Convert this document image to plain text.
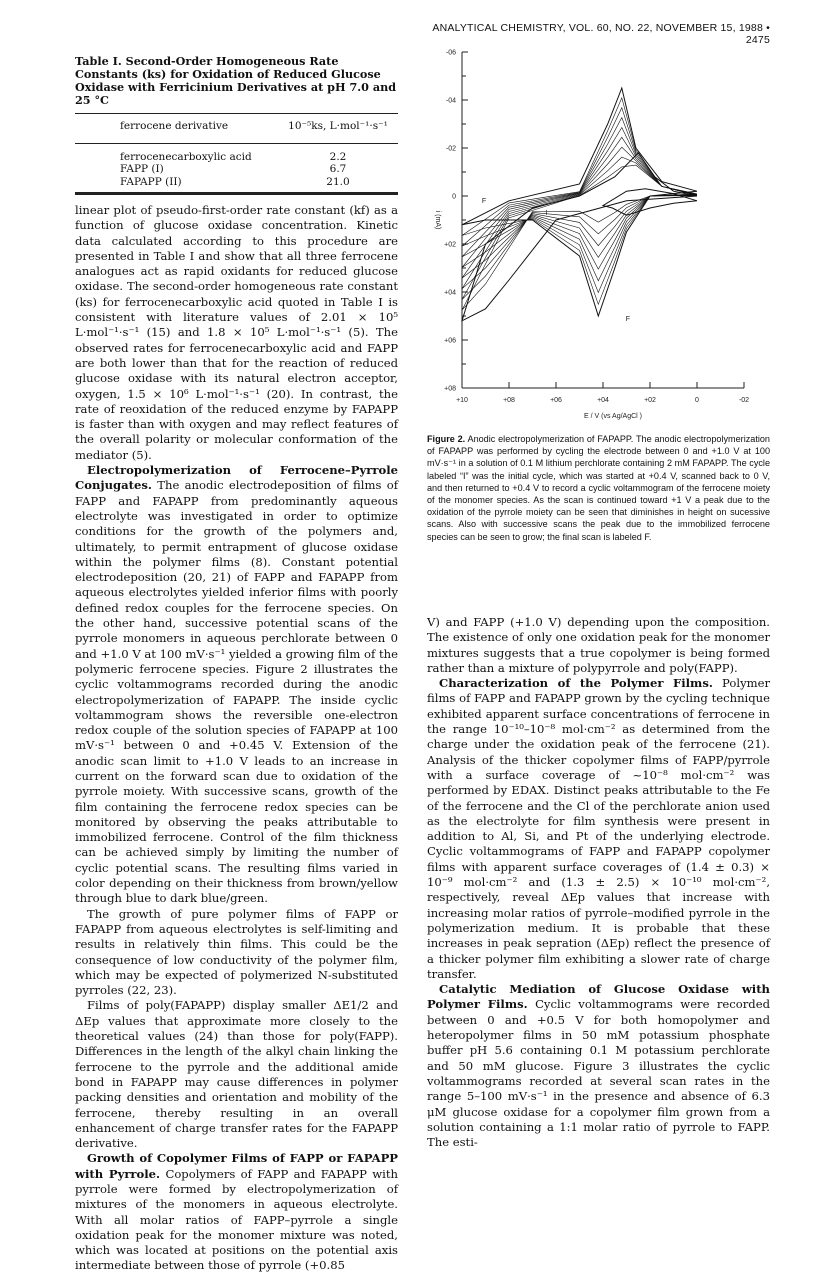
ANALYTICAL CHEMISTRY, VOL. 60, NO. 22, NOVEMBER 15, 1988 • 2475
Table I. Second-Order Homogeneous Rate Constants (ks) for Oxidation of Reduced Glucose Oxidase with Ferricinium Derivatives at pH 7.0 and 25 °C
ferrocene derivative	10⁻⁵ks, L·mol⁻¹·s⁻¹
ferrocenecarboxylic acid	2.2
FAPP (I)	6.7
FAPAPP (II)	21.0

linear plot of pseudo-first-order rate constant (kf) as a function of glucose oxidase concentration. Kinetic data calculated according to this procedure are presented in Table I and show that all three ferrocene analogues act as rapid oxidants for reduced glucose oxidase. The second-order homogeneous rate constant (ks) for ferrocenecarboxylic acid quoted in Table I is consistent with literature values of 2.01 × 10⁵ L·mol⁻¹·s⁻¹ (15) and 1.8 × 10⁵ L·mol⁻¹·s⁻¹ (5). The observed rates for ferrocenecarboxylic acid and FAPP are both lower than that for the reaction of reduced glucose oxidase with its natural electron acceptor, oxygen, 1.5 × 10⁶ L·mol⁻¹·s⁻¹ (20). In contrast, the rate of reoxidation of the reduced enzyme by FAPAPP is faster than with oxygen and may reflect features of the overall polarity or molecular conformation of the mediator (5).

Electropolymerization of Ferrocene–Pyrrole Conjugates. The anodic electrodeposition of films of FAPP and FAPAPP from predominantly aqueous electrolyte was investigated in order to optimize conditions for the growth of the polymers and, ultimately, to permit entrapment of glucose oxidase within the polymer films (8). Constant potential electrodeposition (20, 21) of FAPP and FAPAPP from aqueous electrolytes yielded inferior films with poorly defined redox couples for the ferrocene species. On the other hand, successive potential scans of the pyrrole monomers in aqueous perchlorate between 0 and +1.0 V at 100 mV·s⁻¹ yielded a growing film of the polymeric ferrocene species. Figure 2 illustrates the cyclic voltammograms recorded during the anodic electropolymerization of FAPAPP. The inside cyclic voltammogram shows the reversible one-electron redox couple of the solution species of FAPAPP at 100 mV·s⁻¹ between 0 and +0.45 V. Extension of the anodic scan limit to +1.0 V leads to an increase in current on the forward scan due to oxidation of the pyrrole moiety. With successive scans, growth of the film containing the ferrocene redox species can be monitored by observing the peaks attributable to immobilized ferrocene. Control of the film thickness can be achieved simply by limiting the number of cyclic potential scans. The resulting films varied in color depending on their thickness from brown/yellow through blue to dark blue/green.

The growth of pure polymer films of FAPP or FAPAPP from aqueous electrolytes is self-limiting and results in relatively thin films. This could be the consequence of low conductivity of the polymer film, which may be expected of polymerized N-substituted pyrroles (22, 23).

Films of poly(FAPAPP) display smaller ΔE1/2 and ΔEp values that approximate more closely to the theoretical values (24) than those for poly(FAPP). Differences in the length of the alkyl chain linking the ferrocene to the pyrrole and the additional amide bond in FAPAPP may cause differences in polymer packing densities and orientation and mobility of the ferrocene, thereby resulting in an overall enhancement of charge transfer rates for the FAPAPP derivative.

Growth of Copolymer Films of FAPP or FAPAPP with Pyrrole. Copolymers of FAPP and FAPAPP with pyrrole were formed by electropolymerization of mixtures of the monomers in aqueous electrolyte. With all molar ratios of FAPP–pyrrole a single oxidation peak for the monomer mixture was noted, which was located at positions on the potential axis intermediate between those of pyrrole (+0.85

-06
-04
-02
0
+02
+04
+06
+08
+10	+08	+06	+04	+02	0	-02
E / V (vs Ag/AgCl )
i (mA)	I
F
F
Figure 2. Anodic electropolymerization of FAPAPP. The anodic electropolymerization of FAPAPP was performed by cycling the electrode between 0 and +1.0 V at 100 mV·s⁻¹ in a solution of 0.1 M lithium perchlorate containing 2 mM FAPAPP. The cycle labeled “I” was the initial cycle, which was started at +0.4 V, scanned back to 0 V, and then returned to +0.4 V to record a cyclic voltammogram of the ferrocene moiety of the monomer species. As the scan is continued toward +1 V a peak due to the oxidation of the pyrrole moiety can be seen that diminishes in height on sucessive scans. Also with successive scans the peak due to the immobilized ferrocene species can be seen to grow; the final scan is labeled F.

V) and FAPP (+1.0 V) depending upon the composition. The existence of only one oxidation peak for the monomer mixtures suggests that a true copolymer is being formed rather than a mixture of polypyrrole and poly(FAPP).

Characterization of the Polymer Films. Polymer films of FAPP and FAPAPP grown by the cycling technique exhibited apparent surface concentrations of ferrocene in the range 10⁻¹⁰–10⁻⁸ mol·cm⁻² as determined from the charge under the oxidation peak of the ferrocene (21). Analysis of the thicker copolymer films of FAPP/pyrrole with a surface coverage of ~10⁻⁸ mol·cm⁻² was performed by EDAX. Distinct peaks attributable to the Fe of the ferrocene and the Cl of the perchlorate anion used as the electrolyte for film synthesis were present in addition to Al, Si, and Pt of the underlying electrode. Cyclic voltammograms of FAPP and FAPAPP copolymer films with apparent surface coverages of (1.4 ± 0.3) × 10⁻⁹ mol·cm⁻² and (1.3 ± 2.5) × 10⁻¹⁰ mol·cm⁻², respectively, reveal ΔEp values that increase with increasing molar ratios of pyrrole–modified pyrrole in the polymerization medium. It is probable that these increases in peak sepration (ΔEp) reflect the presence of a thicker polymer film exhibiting a slower rate of charge transfer.

Catalytic Mediation of Glucose Oxidase with Polymer Films. Cyclic voltammograms were recorded between 0 and +0.5 V for both homopolymer and heteropolymer films in 50 mM potassium phosphate buffer pH 5.6 containing 0.1 M potassium perchlorate and 50 mM glucose. Figure 3 illustrates the cyclic voltammograms recorded at several scan rates in the range 5–100 mV·s⁻¹ in the presence and absence of 6.3 μM glucose oxidase for a copolymer film grown from a solution containing a 1:1 molar ratio of pyrrole to FAPP. The esti-
